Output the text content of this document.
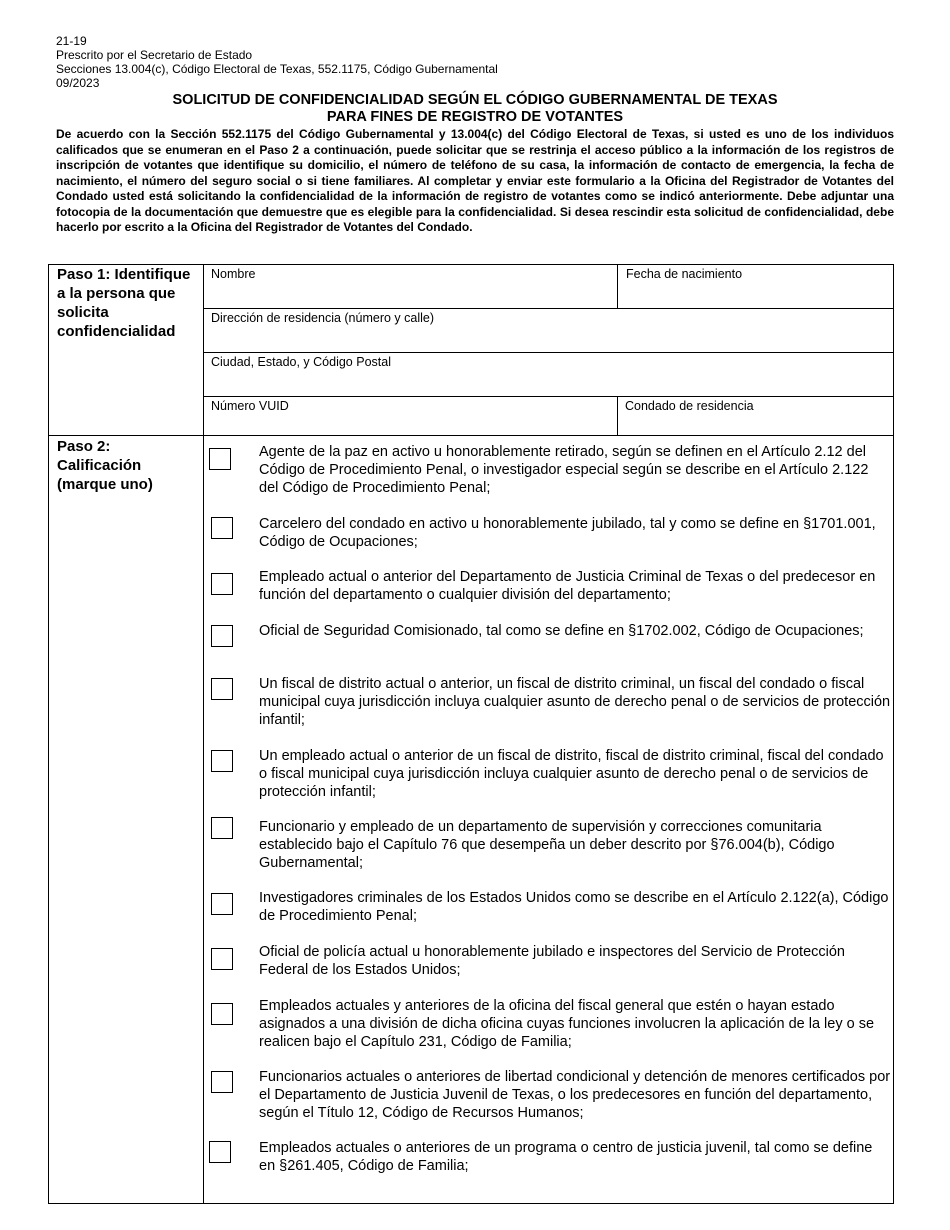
21-19
Prescrito por el Secretario de Estado
Secciones 13.004(c), Código Electoral de Texas, 552.1175, Código Gubernamental
09/2023
SOLICITUD DE CONFIDENCIALIDAD SEGÚN EL CÓDIGO GUBERNAMENTAL DE TEXAS
PARA FINES DE REGISTRO DE VOTANTES
De acuerdo con la Sección 552.1175 del Código Gubernamental y 13.004(c) del Código Electoral de Texas, si usted es uno de los individuos calificados que se enumeran en el Paso 2 a continuación, puede solicitar que se restrinja el acceso público a la información de los registros de inscripción de votantes que identifique su domicilio, el número de teléfono de su casa, la información de contacto de emergencia, la fecha de nacimiento, el número del seguro social o si tiene familiares. Al completar y enviar este formulario a la Oficina del Registrador de Votantes del Condado usted está solicitando la confidencialidad de la información de registro de votantes como se indicó anteriormente. Debe adjuntar una fotocopia de la documentación que demuestre que es elegible para la confidencialidad. Si desea rescindir esta solicitud de confidencialidad, debe hacerlo por escrito a la Oficina del Registrador de Votantes del Condado.
Paso 1: Identifique a la persona que solicita confidencialidad
Nombre	Fecha de nacimiento
Dirección de residencia (número y calle)
Ciudad, Estado, y Código Postal
Número VUID	Condado de residencia
Paso 2: Calificación (marque uno)
Agente de la paz en activo u honorablemente retirado, según se definen en el Artículo 2.12 del Código de Procedimiento Penal, o investigador especial según se describe en el Artículo 2.122 del Código de Procedimiento Penal;
Carcelero del condado en activo u honorablemente jubilado, tal y como se define en §1701.001, Código de Ocupaciones;
Empleado actual o anterior del Departamento de Justicia Criminal de Texas o del predecesor en función del departamento o cualquier división del departamento;
Oficial de Seguridad Comisionado, tal como se define en §1702.002, Código de Ocupaciones;
Un fiscal de distrito actual o anterior, un fiscal de distrito criminal, un fiscal del condado o fiscal municipal cuya jurisdicción incluya cualquier asunto de derecho penal o de servicios de protección infantil;
Un empleado actual o anterior de un fiscal de distrito, fiscal de distrito criminal, fiscal del condado o fiscal municipal cuya jurisdicción incluya cualquier asunto de derecho penal o de servicios de protección infantil;
Funcionario y empleado de un departamento de supervisión y correcciones comunitaria establecido bajo el Capítulo 76 que desempeña un deber descrito por §76.004(b), Código Gubernamental;
Investigadores criminales de los Estados Unidos como se describe en el Artículo 2.122(a), Código de Procedimiento Penal;
Oficial de policía actual u honorablemente jubilado e inspectores del Servicio de Protección Federal de los Estados Unidos;
Empleados actuales y anteriores de la oficina del fiscal general que estén o hayan estado asignados a una división de dicha oficina cuyas funciones involucren la aplicación de la ley o se realicen bajo el Capítulo 231, Código de Familia;
Funcionarios actuales o anteriores de libertad condicional y detención de menores certificados por el Departamento de Justicia Juvenil de Texas, o los predecesores en función del departamento, según el Título 12, Código de Recursos Humanos;
Empleados actuales o anteriores de un programa o centro de justicia juvenil, tal como se define en §261.405, Código de Familia;
